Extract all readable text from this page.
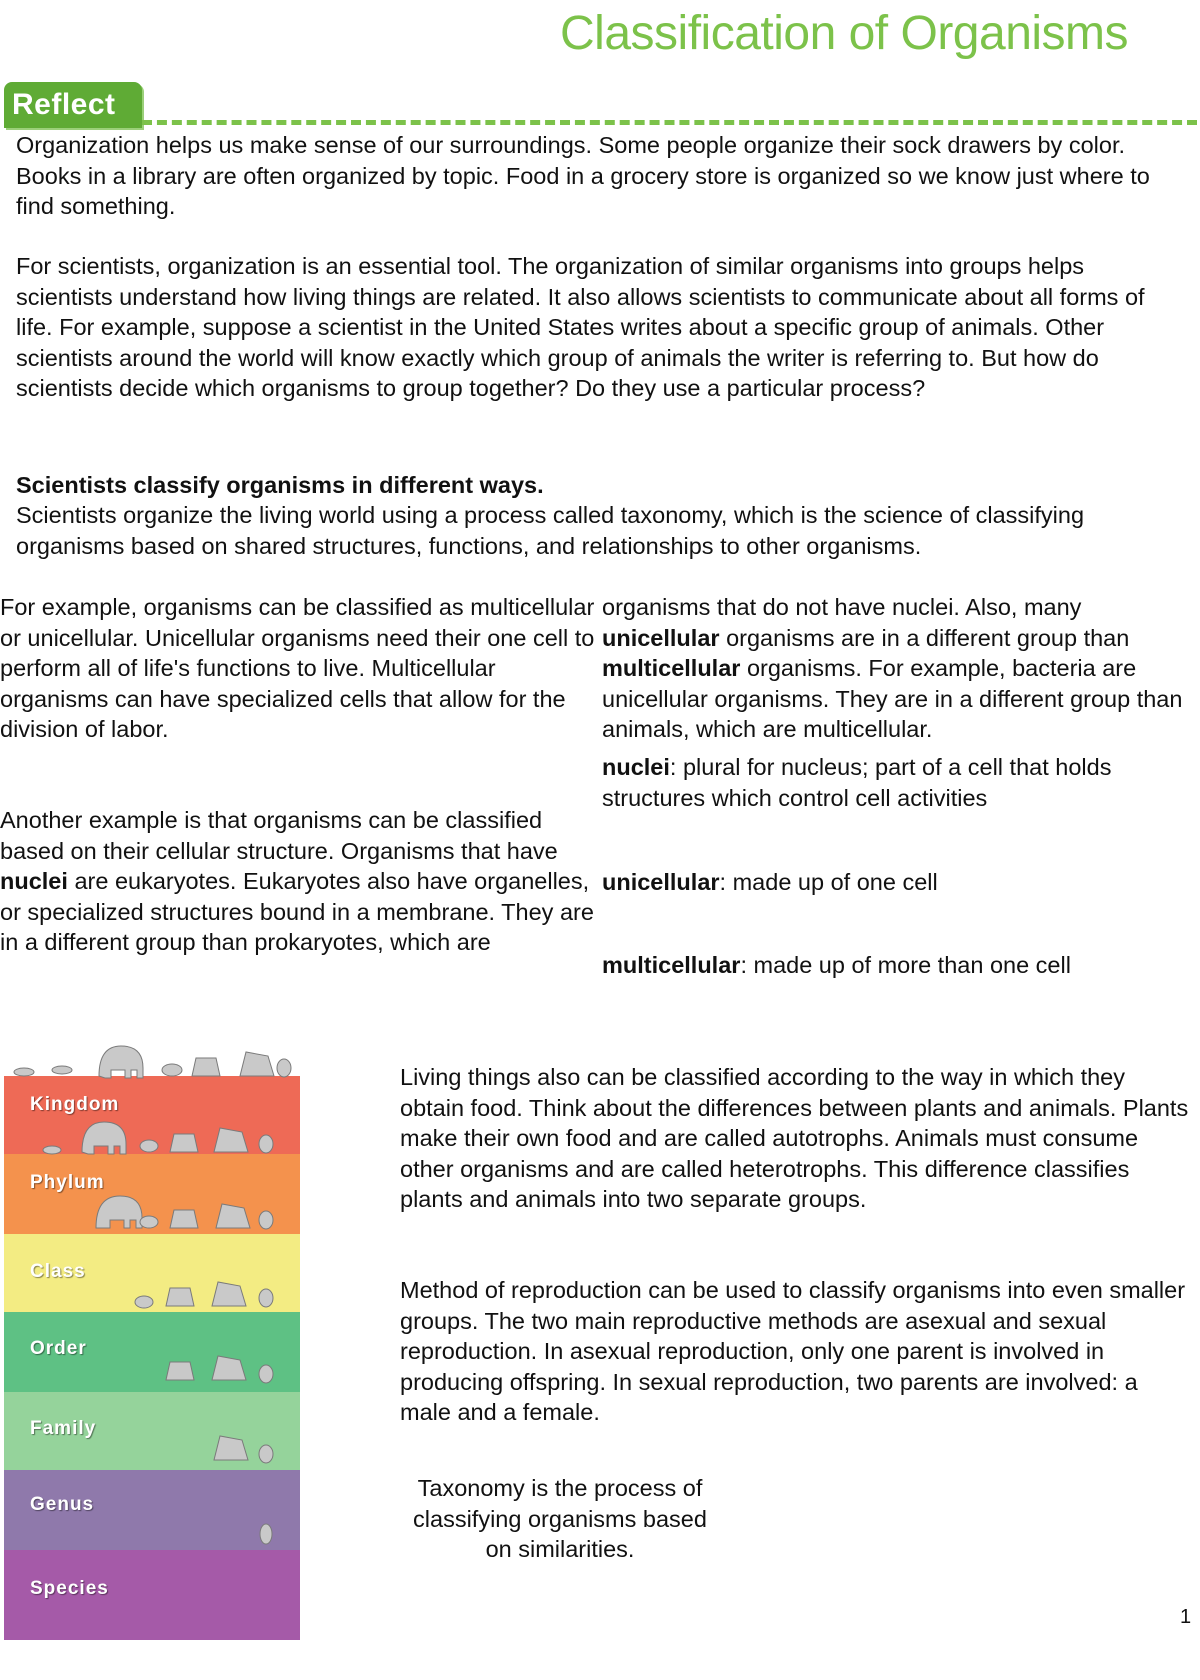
Classification of Organisms
Reflect

Organization helps us make sense of our surroundings. Some people organize their sock drawers by color. Books in a library are often organized by topic. Food in a grocery store is organized so we know just where to find something.

For scientists, organization is an essential tool. The organization of similar organisms into groups helps scientists understand how living things are related. It also allows scientists to communicate about all forms of life. For example, suppose a scientist in the United States writes about a specific group of animals. Other scientists around the world will know exactly which group of animals the writer is referring to. But how do scientists decide which organisms to group together? Do they use a particular process?

Scientists classify organisms in different ways.

Scientists organize the living world using a process called taxonomy, which is the science of classifying organisms based on shared structures, functions, and relationships to other organisms.

For example, organisms can be classified as multicellular or unicellular. Unicellular organisms need their one cell to perform all of life's functions to live. Multicellular organisms can have specialized cells that allow for the division of labor.

Another example is that organisms can be classified based on their cellular structure. Organisms that have nuclei are eukaryotes. Eukaryotes also have organelles, or specialized structures bound in a membrane. They are in a different group than prokaryotes, which are

organisms that do not have nuclei. Also, many unicellular organisms are in a different group than multicellular organisms. For example, bacteria are unicellular organisms. They are in a different group than animals, which are multicellular.

nuclei: plural for nucleus; part of a cell that holds structures which control cell activities

unicellular: made up of one cell

multicellular: made up of more than one cell

Kingdom
Phylum
Class
Order
Family
Genus
Species

Living things also can be classified according to the way in which they obtain food. Think about the differences between plants and animals. Plants make their own food and are called autotrophs. Animals must consume other organisms and are called heterotrophs. This difference classifies plants and animals into two separate groups.

Method of reproduction can be used to classify organisms into even smaller groups. The two main reproductive methods are asexual and sexual reproduction. In asexual reproduction, only one parent is involved in producing offspring. In sexual reproduction, two parents are involved: a male and a female.

Taxonomy is the process of classifying organisms based on similarities.
1
